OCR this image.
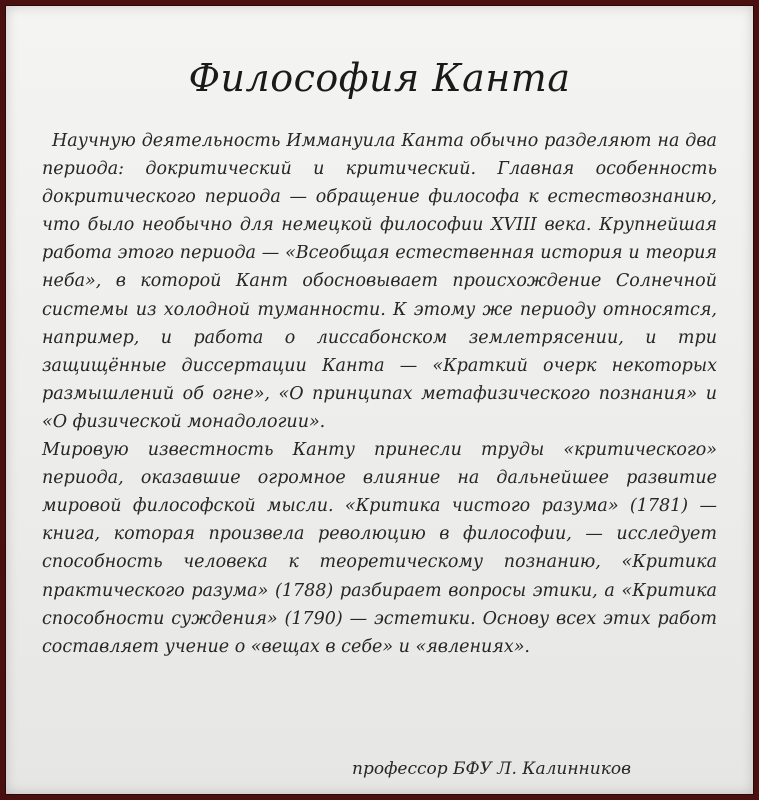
Философия Канта

Научную деятельность Иммануила Канта обычно разделяют на два периода: докритический и критический. Главная особенность докритического периода — обращение философа к естествознанию, что было необычно для немецкой философии XVIII века. Крупнейшая работа этого периода — «Всеобщая естественная история и теория неба», в которой Кант обосновывает происхождение Солнечной системы из холодной туманности. К этому же периоду относятся, например, и работа о лиссабонском землетрясении, и три защищённые диссертации Канта — «Краткий очерк некоторых размышлений об огне», «О принципах метафизического познания» и «О физической монадологии».

Мировую известность Канту принесли труды «критического» периода, оказавшие огромное влияние на дальнейшее развитие мировой философской мысли. «Критика чистого разума» (1781) — книга, которая произвела революцию в философии, — исследует способность человека к теоретическому познанию, «Критика практического разума» (1788) разбирает вопросы этики, а «Критика способности суждения» (1790) — эстетики. Основу всех этих работ составляет учение о «вещах в себе» и «явлениях».

профессор БФУ Л. Калинников
